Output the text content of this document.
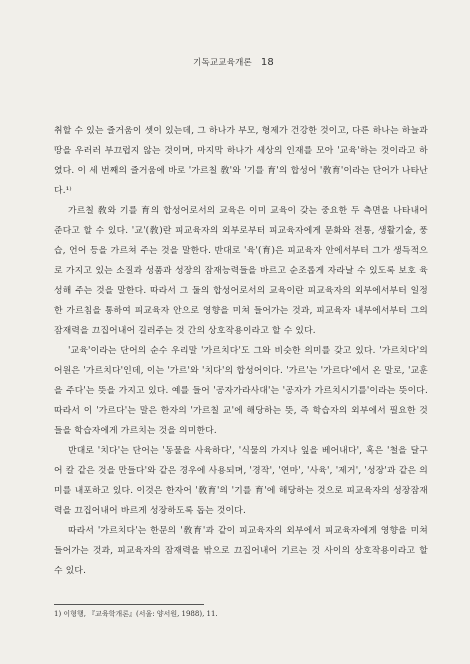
기독교교육개론 18

취할 수 있는 즐거움이 셋이 있는데, 그 하나가 부모, 형제가 건강한 것이고, 다른 하나는 하늘과 땅을 우러러 부끄럽지 않는 것이며, 마지막 하나가 세상의 인재를 모아 '교육'하는 것이라고 하였다. 이 세 번째의 즐거움에 바로 '가르칠 敎'와 '기를 育'의 합성어 '敎育'이라는 단어가 나타난다.¹⁾

가르칠 敎와 기를 育의 합성어로서의 교육은 이미 교육이 갖는 중요한 두 측면을 나타내어 준다고 할 수 있다. '교'(敎)란 피교육자의 외부로부터 피교육자에게 문화와 전통, 생활기술, 풍습, 언어 등을 가르쳐 주는 것을 말한다. 반대로 '육'(育)은 피교육자 안에서부터 그가 생득적으로 가지고 있는 소질과 성품과 성장의 잠재능력들을 바르고 순조롭게 자라날 수 있도록 보호 육성해 주는 것을 말한다. 따라서 그 둘의 합성어로서의 교육이란 피교육자의 외부에서부터 일정한 가르침을 통하여 피교육자 안으로 영향을 미쳐 들어가는 것과, 피교육자 내부에서부터 그의 잠재력을 끄집어내어 길러주는 것 간의 상호작용이라고 할 수 있다.

'교육'이라는 단어의 순수 우리말 '가르치다'도 그와 비슷한 의미를 갖고 있다. '가르치다'의 어원은 '가르치다'인데, 이는 '가르'와 '치다'의 합성어이다. '가르'는 '가르다'에서 온 말로, '교훈을 주다'는 뜻을 가지고 있다. 예를 들어 '공자가라사대'는 '공자가 가르치시기를'이라는 뜻이다. 따라서 이 '가르다'는 말은 한자의 '가르칠 교'에 해당하는 뜻, 즉 학습자의 외부에서 필요한 것들을 학습자에게 가르치는 것을 의미한다.

반대로 '치다'는 단어는 '동물을 사육하다', '식물의 가지나 잎을 베어내다', 혹은 '철을 달구어 칼 같은 것을 만들다'와 같은 경우에 사용되며, '경작', '연마', '사육', '제거', '성장'과 같은 의미를 내포하고 있다. 이것은 한자어 '敎育'의 '기를 育'에 해당하는 것으로 피교육자의 성장잠재력을 끄집어내어 바르게 성장하도록 돕는 것이다.

따라서 '가르치다'는 한문의 '敎育'과 같이 피교육자의 외부에서 피교육자에게 영향을 미쳐 들어가는 것과, 피교육자의 잠재력을 밖으로 끄집어내어 기르는 것 사이의 상호작용이라고 할 수 있다.

1) 이형행, 『교육학개론』(서울: 양서원, 1988), 11.
